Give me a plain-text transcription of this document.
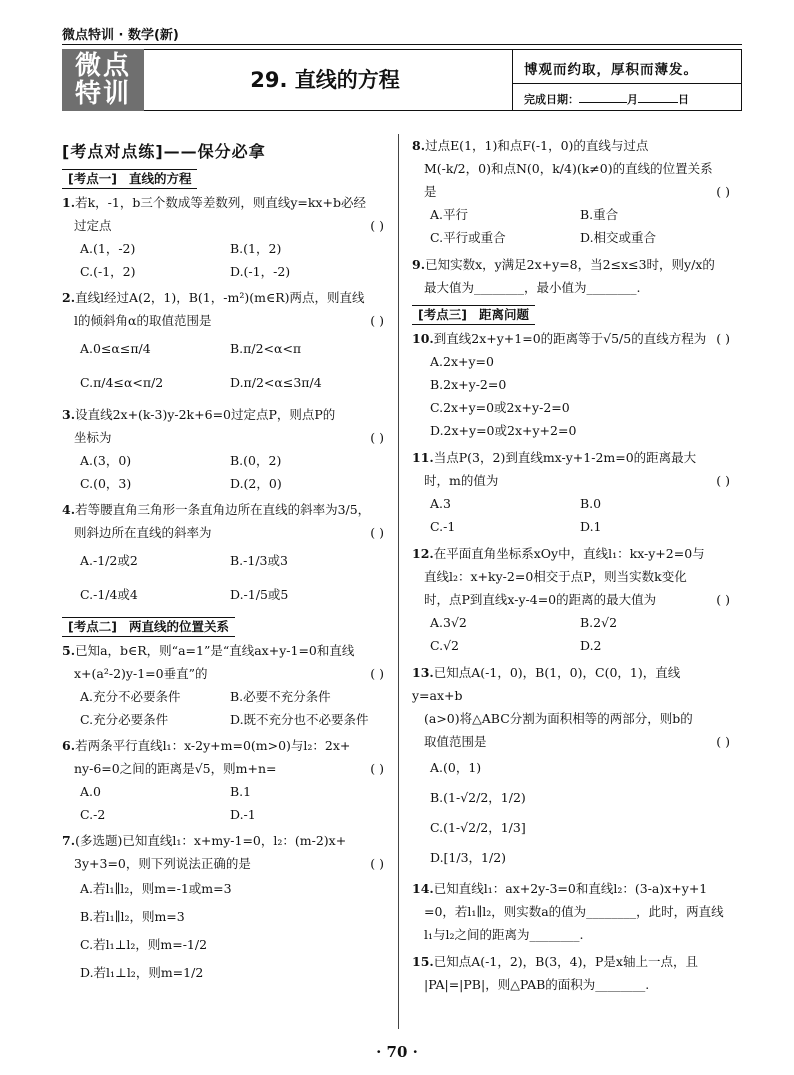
微点特训 · 数学(新)
微点
特训	29. 直线的方程	博观而约取，厚积而薄发。
完成日期：	月	日
[考点对点练]——保分必拿
[考点一] 直线的方程
1.若k，-1，b三个数成等差数列，则直线y=kx+b必经
过定点	( )
A.(1，-2)	B.(1，2)
C.(-1，2)	D.(-1，-2)
2.直线l经过A(2，1)，B(1，-m²)(m∈R)两点，则直线
l的倾斜角α的取值范围是	( )
A.0≤α≤π/4	B.π/2<α<π
C.π/4≤α<π/2	D.π/2<α≤3π/4
3.设直线2x+(k-3)y-2k+6=0过定点P，则点P的
坐标为	( )
A.(3，0)	B.(0，2)
C.(0，3)	D.(2，0)
4.若等腰直角三角形一条直角边所在直线的斜率为3/5，
则斜边所在直线的斜率为	( )
A.-1/2或2	B.-1/3或3
C.-1/4或4	D.-1/5或5
[考点二] 两直线的位置关系
5.已知a，b∈R，则“a=1”是“直线ax+y-1=0和直线
x+(a²-2)y-1=0垂直”的	( )
A.充分不必要条件	B.必要不充分条件
C.充分必要条件	D.既不充分也不必要条件
6.若两条平行直线l₁：x-2y+m=0(m>0)与l₂：2x+
ny-6=0之间的距离是√5，则m+n=	( )
A.0	B.1
C.-2	D.-1
7.(多选题)已知直线l₁：x+my-1=0，l₂：(m-2)x+
3y+3=0，则下列说法正确的是	( )
A.若l₁∥l₂，则m=-1或m=3
B.若l₁∥l₂，则m=3
C.若l₁⊥l₂，则m=-1/2
D.若l₁⊥l₂，则m=1/2
8.过点E(1，1)和点F(-1，0)的直线与过点
M(-k/2，0)和点N(0，k/4)(k≠0)的直线的位置关系
是	( )
A.平行	B.重合
C.平行或重合	D.相交或重合
9.已知实数x，y满足2x+y=8，当2≤x≤3时，则y/x的
最大值为________，最小值为________.
[考点三] 距离问题
10.到直线2x+y+1=0的距离等于√5/5的直线方程为 ( )
A.2x+y=0
B.2x+y-2=0
C.2x+y=0或2x+y-2=0
D.2x+y=0或2x+y+2=0
11.当点P(3，2)到直线mx-y+1-2m=0的距离最大
时，m的值为	( )
A.3	B.0
C.-1	D.1
12.在平面直角坐标系xOy中，直线l₁：kx-y+2=0与
直线l₂：x+ky-2=0相交于点P，则当实数k变化
时，点P到直线x-y-4=0的距离的最大值为	( )
A.3√2	B.2√2
C.√2	D.2
13.已知点A(-1，0)，B(1，0)，C(0，1)，直线y=ax+b
(a>0)将△ABC分割为面积相等的两部分，则b的
取值范围是	( )
A.(0，1)
B.(1-√2/2，1/2)
C.(1-√2/2，1/3]
D.[1/3，1/2)
14.已知直线l₁：ax+2y-3=0和直线l₂：(3-a)x+y+1
=0，若l₁∥l₂，则实数a的值为________，此时，两直线
l₁与l₂之间的距离为________.
15.已知点A(-1，2)，B(3，4)，P是x轴上一点，且
|PA|=|PB|，则△PAB的面积为________.
· 70 ·
